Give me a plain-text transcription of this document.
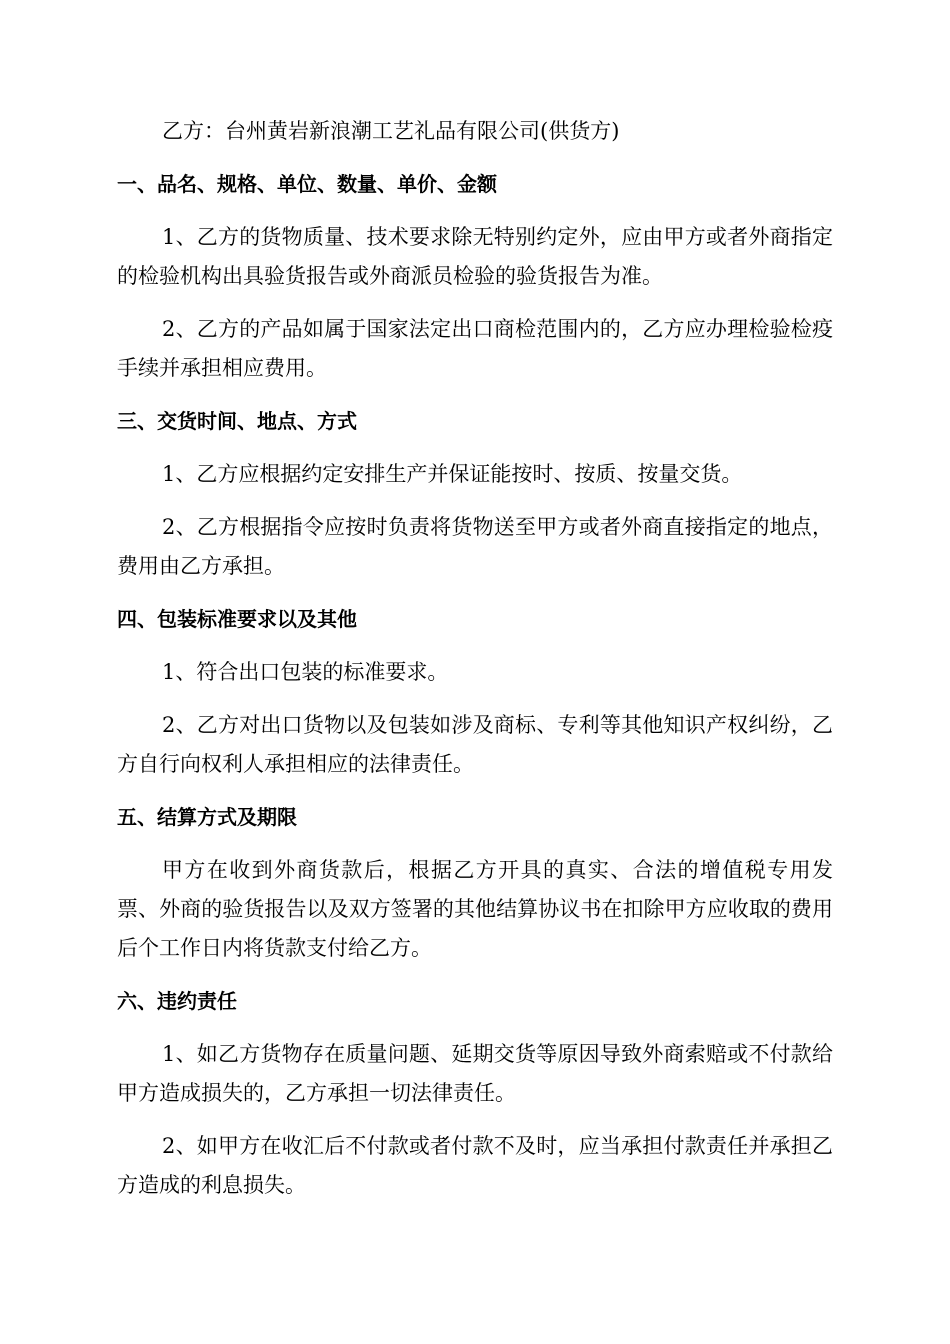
乙方：台州黄岩新浪潮工艺礼品有限公司(供货方)

一、品名、规格、单位、数量、单价、金额

1、乙方的货物质量、技术要求除无特别约定外，应由甲方或者外商指定的检验机构出具验货报告或外商派员检验的验货报告为准。

2、乙方的产品如属于国家法定出口商检范围内的，乙方应办理检验检疫手续并承担相应费用。

三、交货时间、地点、方式

1、乙方应根据约定安排生产并保证能按时、按质、按量交货。

2、乙方根据指令应按时负责将货物送至甲方或者外商直接指定的地点，费用由乙方承担。

四、包装标准要求以及其他

1、符合出口包装的标准要求。

2、乙方对出口货物以及包装如涉及商标、专利等其他知识产权纠纷，乙方自行向权利人承担相应的法律责任。

五、结算方式及期限

甲方在收到外商货款后，根据乙方开具的真实、合法的增值税专用发票、外商的验货报告以及双方签署的其他结算协议书在扣除甲方应收取的费用后个工作日内将货款支付给乙方。

六、违约责任

1、如乙方货物存在质量问题、延期交货等原因导致外商索赔或不付款给甲方造成损失的，乙方承担一切法律责任。

2、如甲方在收汇后不付款或者付款不及时，应当承担付款责任并承担乙方造成的利息损失。
